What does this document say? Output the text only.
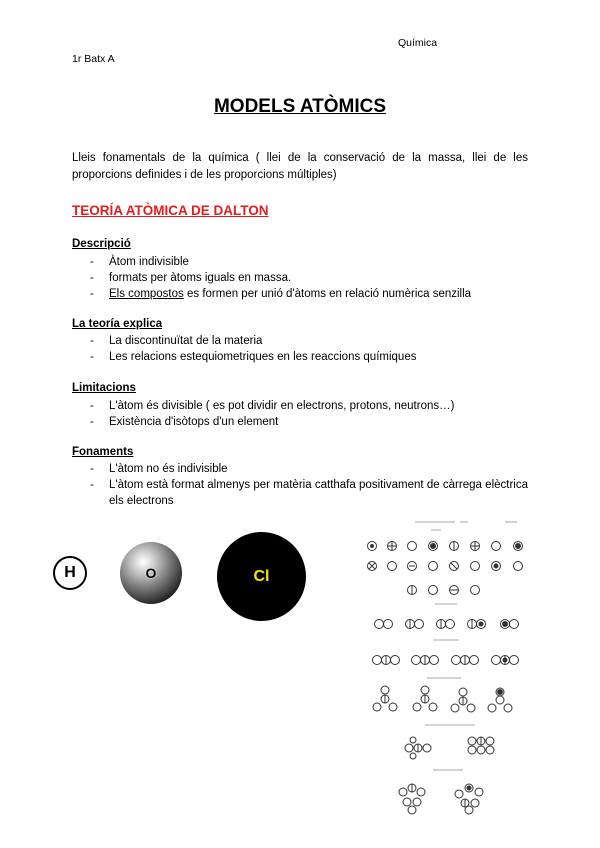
Química
1r Batx A
MODELS ATÒMICS
Lleis fonamentals de la química ( llei de la conservació de la massa, llei de les proporcions definides i de les proporcions múltiples)
TEORÍA ATÒMICA DE DALTON
Descripció
- Àtom indivisible
- formats per àtoms iguals en massa.
- Els compostos es formen per unió d'àtoms en relació numèrica senzilla
La teoría explica
- La discontinuïtat de la materia
- Les relacions estequiometriques en les reaccions químiques
Limitacions
- L'àtom és divisible ( es pot dividir en electrons, protons, neutrons…)
- Existència d'isòtops d'un element
Fonaments
- L'àtom no és indivisible
- L'àtom està format almenys per matèria catthafa positivament de càrrega elèctrica els electrons
H	O	Cl
